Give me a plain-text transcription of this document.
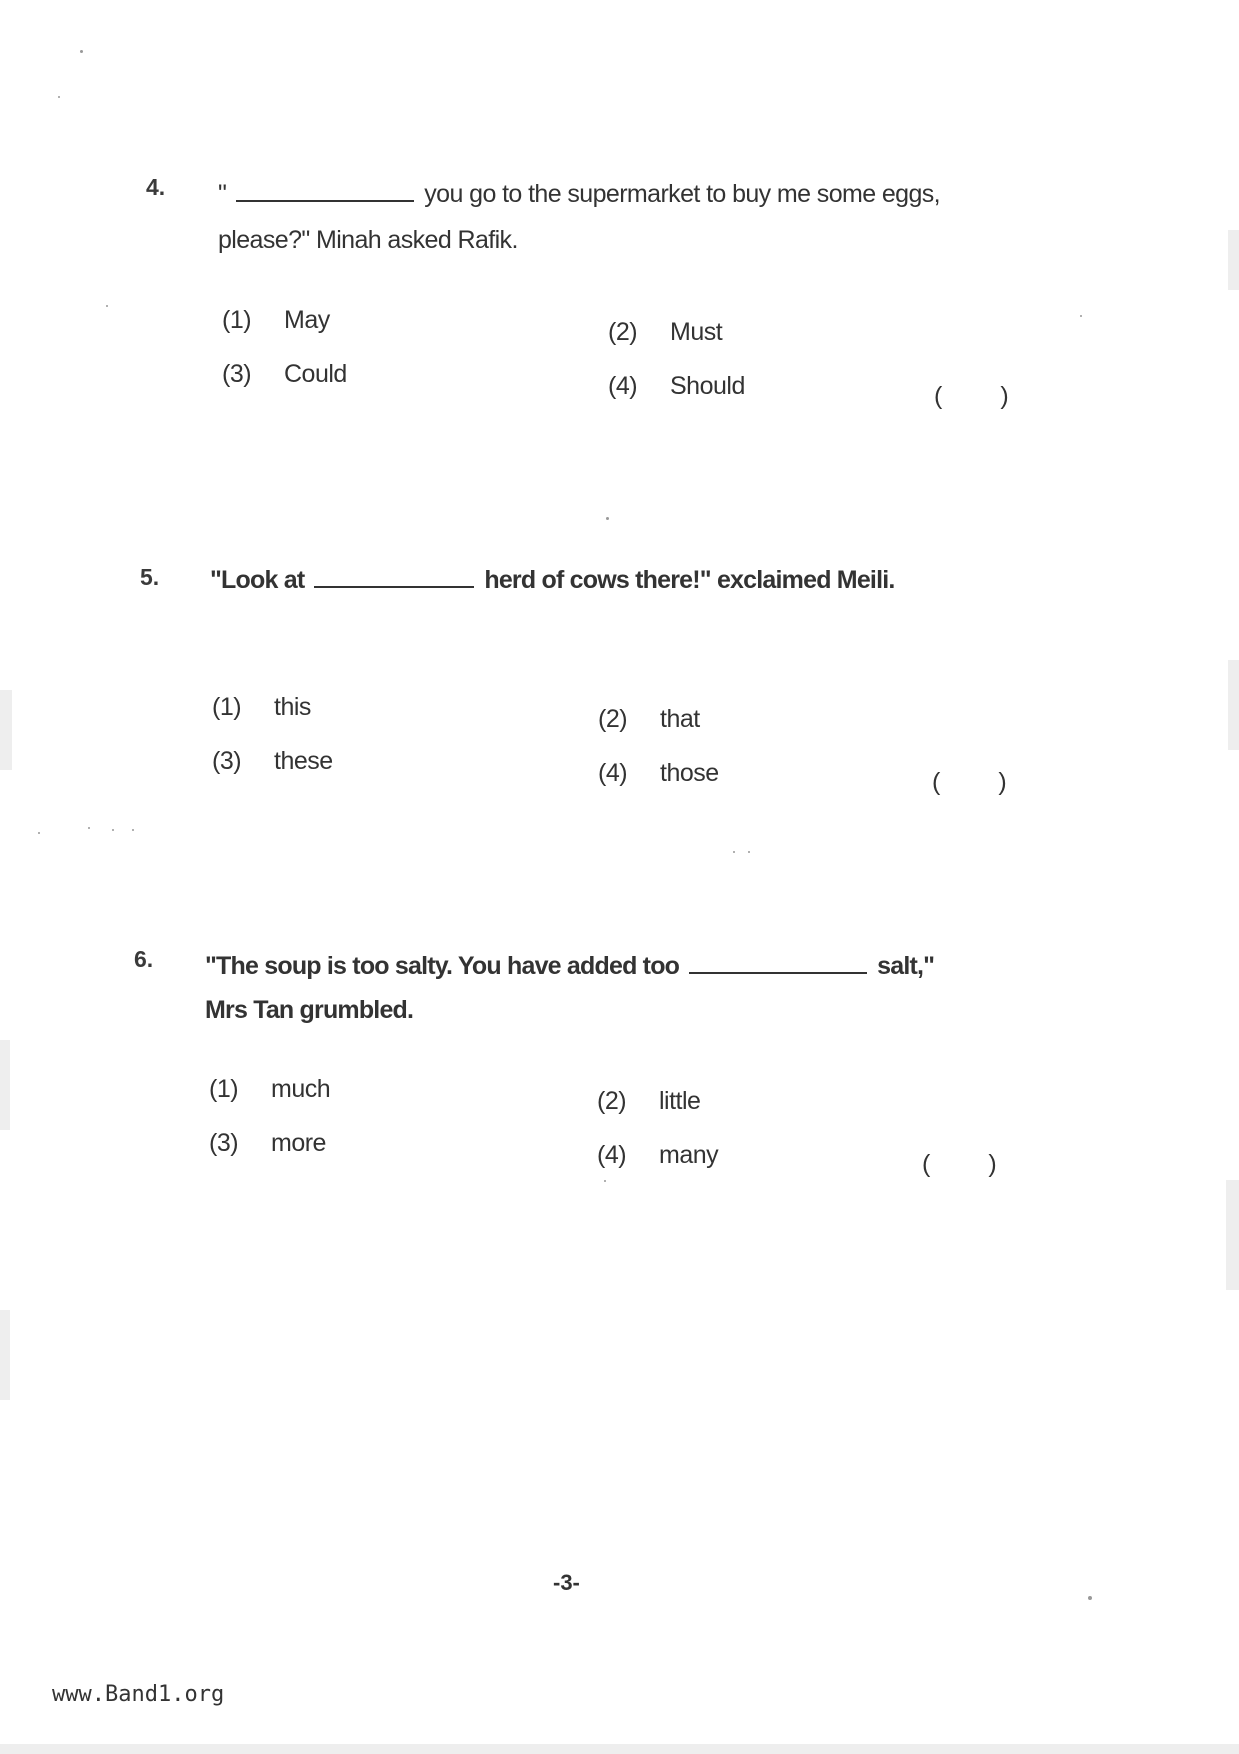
4. "	you go to the supermarket to buy me some eggs,
please?" Minah asked Rafik.
(1) May	(2) Must
(3) Could	(4) Should	( )
5. "Look at	herd of cows there!" exclaimed Meili.
(1) this	(2) that
(3) these	(4) those	( )
6. "The soup is too salty. You have added too	salt,"
Mrs Tan grumbled.
(1) much	(2) little
(3) more	(4) many	( )
-3-
www.Band1.org
